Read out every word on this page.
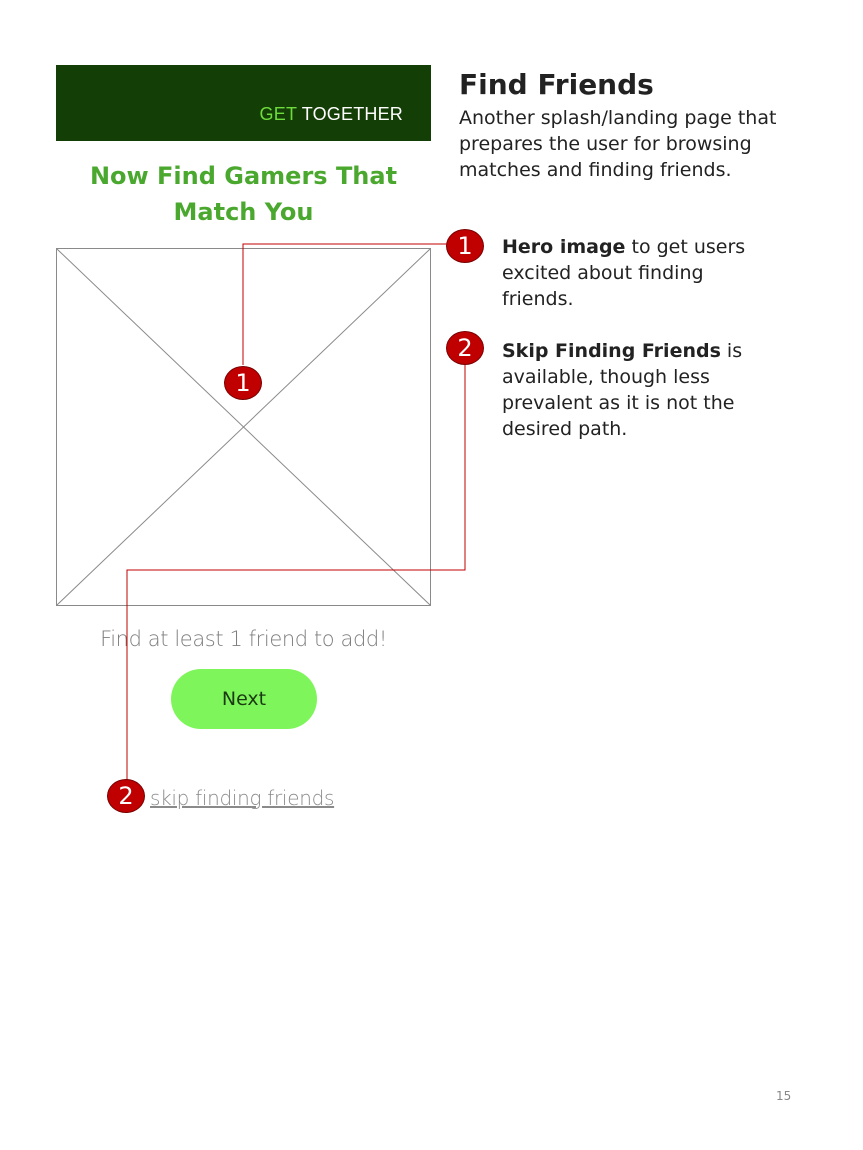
GET TOGETHER
Now Find Gamers That Match You
Find at least 1 friend to add!
Next
skip finding friends
1
1
2
2
Find Friends
Another splash/landing page that prepares the user for browsing matches and finding friends.
Hero image to get users excited about finding friends.
Skip Finding Friends is available, though less prevalent as it is not the desired path.
15
